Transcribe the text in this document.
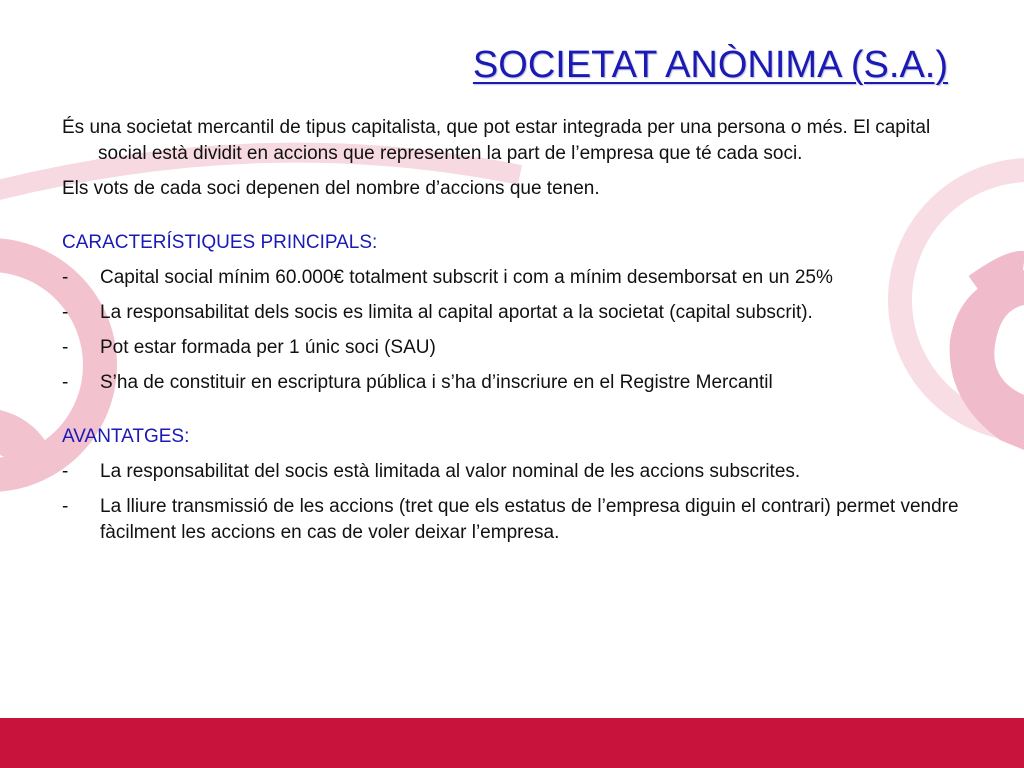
SOCIETAT ANÒNIMA (S.A.)

És una societat mercantil de tipus capitalista, que pot estar integrada per una persona o més. El capital social està dividit en accions que representen la part de l’empresa que té cada soci.

Els vots de cada soci depenen del nombre d’accions que tenen.

CARACTERÍSTIQUES PRINCIPALS:

-	Capital social mínim 60.000€ totalment subscrit i com a mínim desemborsat en un 25%
-	La responsabilitat dels socis es limita al capital aportat a la societat (capital subscrit).
-	Pot estar formada per 1 únic soci (SAU)
-	S’ha de constituir en escriptura pública i s’ha d’inscriure en el Registre Mercantil

AVANTATGES:

-	La responsabilitat del socis està limitada al valor nominal de les accions subscrites.
-	La lliure transmissió de les accions (tret que els estatus de l’empresa diguin el contrari) permet vendre fàcilment les accions en cas de voler deixar l’empresa.
